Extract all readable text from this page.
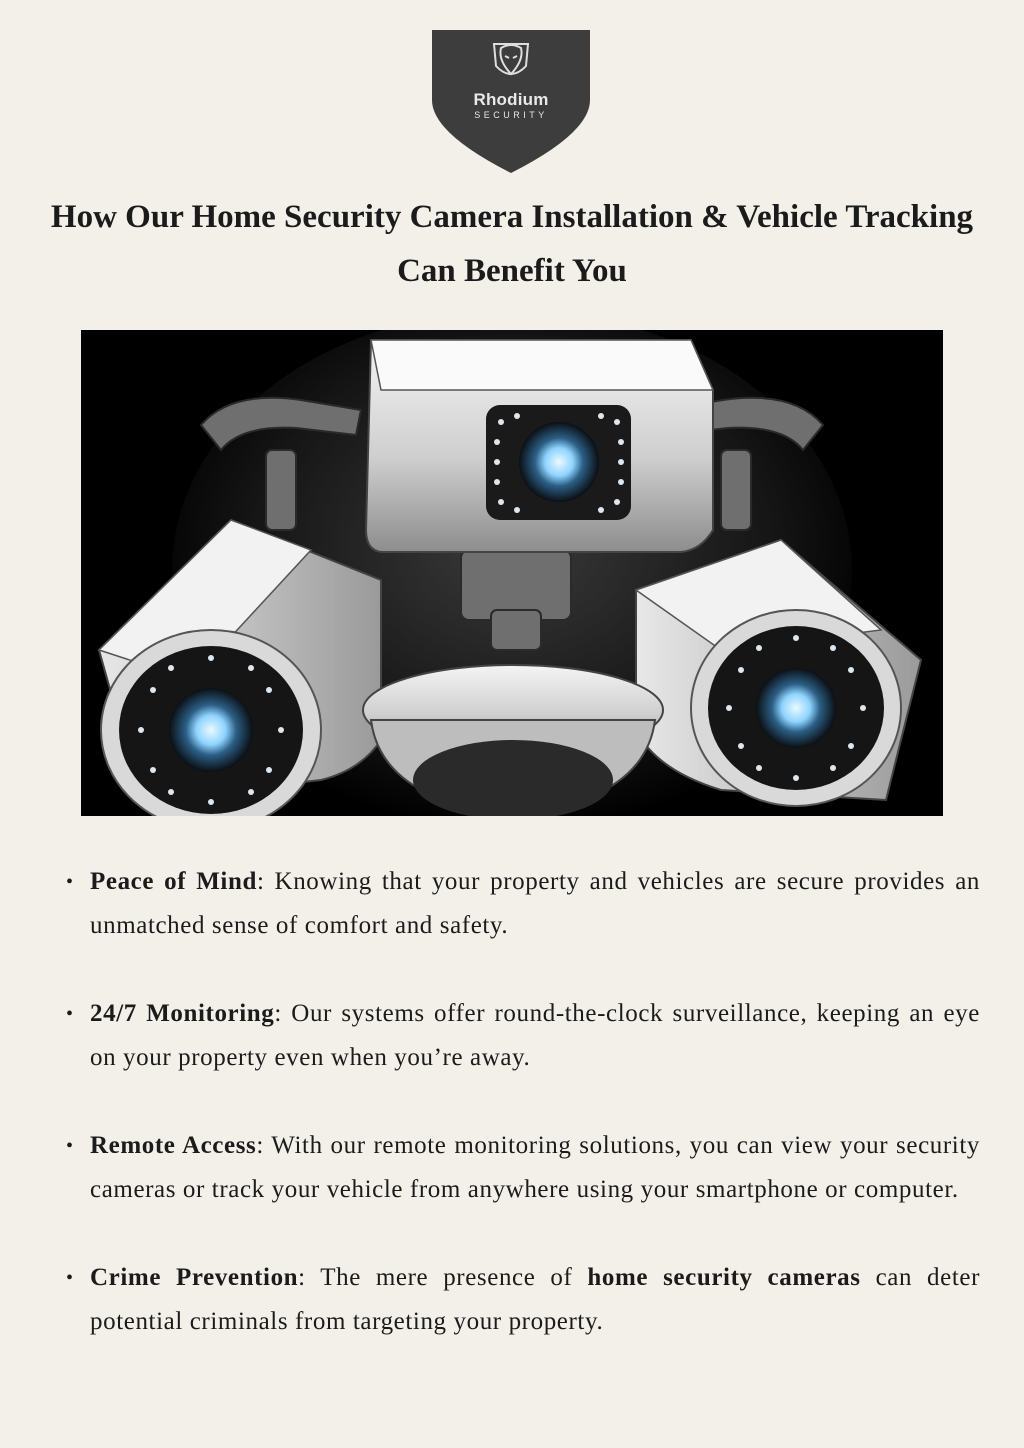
Rhodium
SECURITY
How Our Home Security Camera Installation & Vehicle Tracking
Can Benefit You
• Peace of Mind: Knowing that your property and vehicles are secure provides an unmatched sense of comfort and safety.
• 24/7 Monitoring: Our systems offer round-the-clock surveillance, keeping an eye on your property even when you’re away.
• Remote Access: With our remote monitoring solutions, you can view your security cameras or track your vehicle from anywhere using your smartphone or computer.
• Crime Prevention: The mere presence of home security cameras can deter potential criminals from targeting your property.
